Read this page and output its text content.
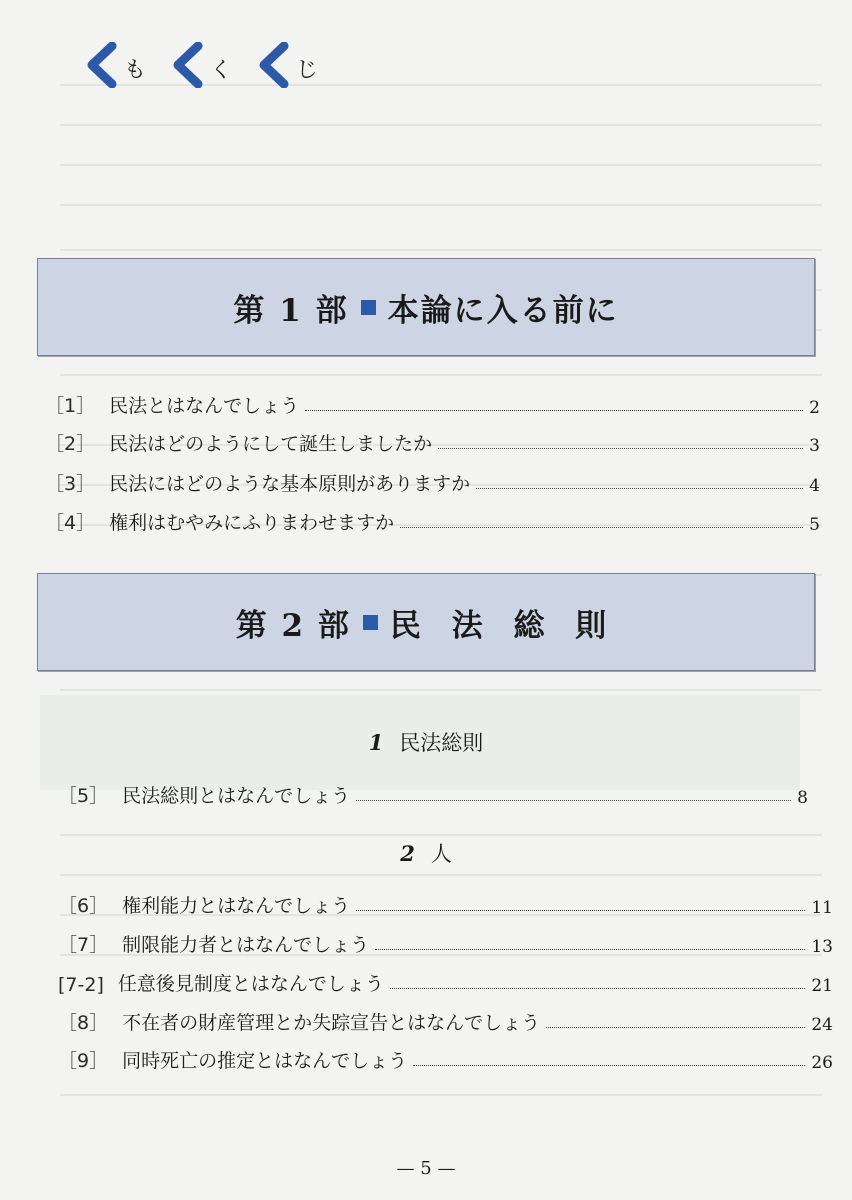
も	く	じ
第 1 部 本論に入る前に
［1］ 民法とはなんでしょう	2
［2］ 民法はどのようにして誕生しましたか	3
［3］ 民法にはどのような基本原則がありますか	4
［4］ 権利はむやみにふりまわせますか	5
第 2 部 民 法 総 則
1 民法総則
［5］ 民法総則とはなんでしょう	8
2 人
［6］ 権利能力とはなんでしょう	11
［7］ 制限能力者とはなんでしょう	13
[7-2] 任意後見制度とはなんでしょう	21
［8］ 不在者の財産管理とか失踪宣告とはなんでしょう	24
［9］ 同時死亡の推定とはなんでしょう	26
— 5 —
